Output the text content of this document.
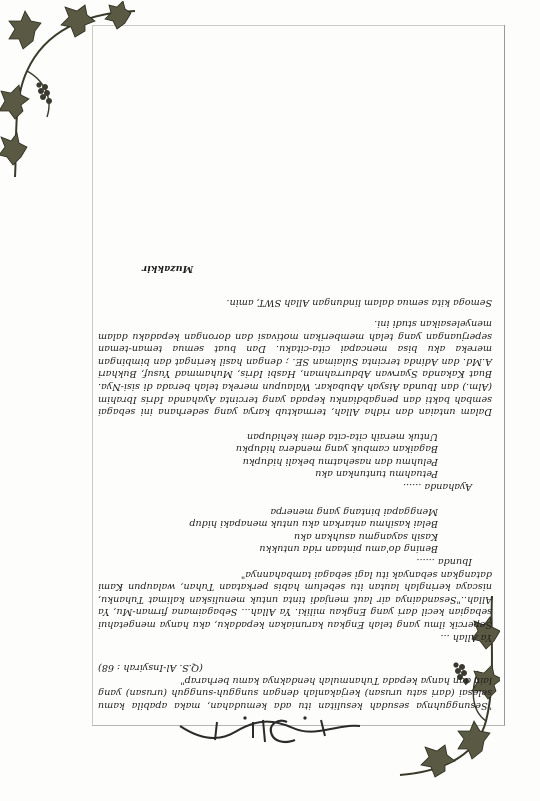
"Sesungguhnya sesudah kesulitan itu ada kemudahan, maka apabila kamu selesai (dari satu urusan) kerjakanlah dengan sungguh-sungguh (urusan) yang lain dan hanya kepada Tuhanmulah hendaknya kamu berharap"

(Q.S. Al-Insyirah : 68)

Ya Allah ...

Sepercik ilmu yang telah Engkau karuniakan kepadaku, aku hanya mengetahui sebagian kecil dari yang Engkau miliki. Ya Allah... Sebagaimana firman-Mu, Ya Allah.."Sesandainya air laut menjadi tinta untuk menuliskan kalimat Tuhanku, niscaya keringlah lautan itu sebelum habis perkataan Tuhan, walaupun Kami datangkan sebanyak itu lagi sebagai tambahannya"

Ibunda ......

Bening do'amu pintaan rida untukku

Kasih sayangmu asuhkan aku

Belai kasihmu antarkan aku untuk menapaki hidup

Menggapai bintang yang menerpa

Ayahanda ......

Petuahmu tuntunkan aku

Peluhmu dan nasehatmu bekali hidupku

Bagaikan cambuk yang mendera hidupku

Untuk meraih cita-cita demi kehidupan

Dalam untaian dan ridha Allah, termaktub karya yang sederhana ini sebagai sembah bakti dan pengabdianku kepada yang tercinta Ayahanda Idris Ibrahim (Alm.) dan Ibunda Aisyah Abubakar. Walaupun mereka telah berada di sisi-Nya. Buat Kakanda Syarwan Abdurrahman, Hasbi Idris, Muhammad Yusuf, Bukhari A.Md. dan Adinda tercinta Sulaiman SE. ; dengan hasil keringat dan bimbingan mereka aku bisa mencapai cita-citaku. Dan buat semua teman-teman seperjuangan yang telah memberikan motivasi dan dorongan kepadaku dalam menyelesaikan studi ini.

Semoga kita semua dalam lindungan Allah SWT, amin.

Muzakkir
